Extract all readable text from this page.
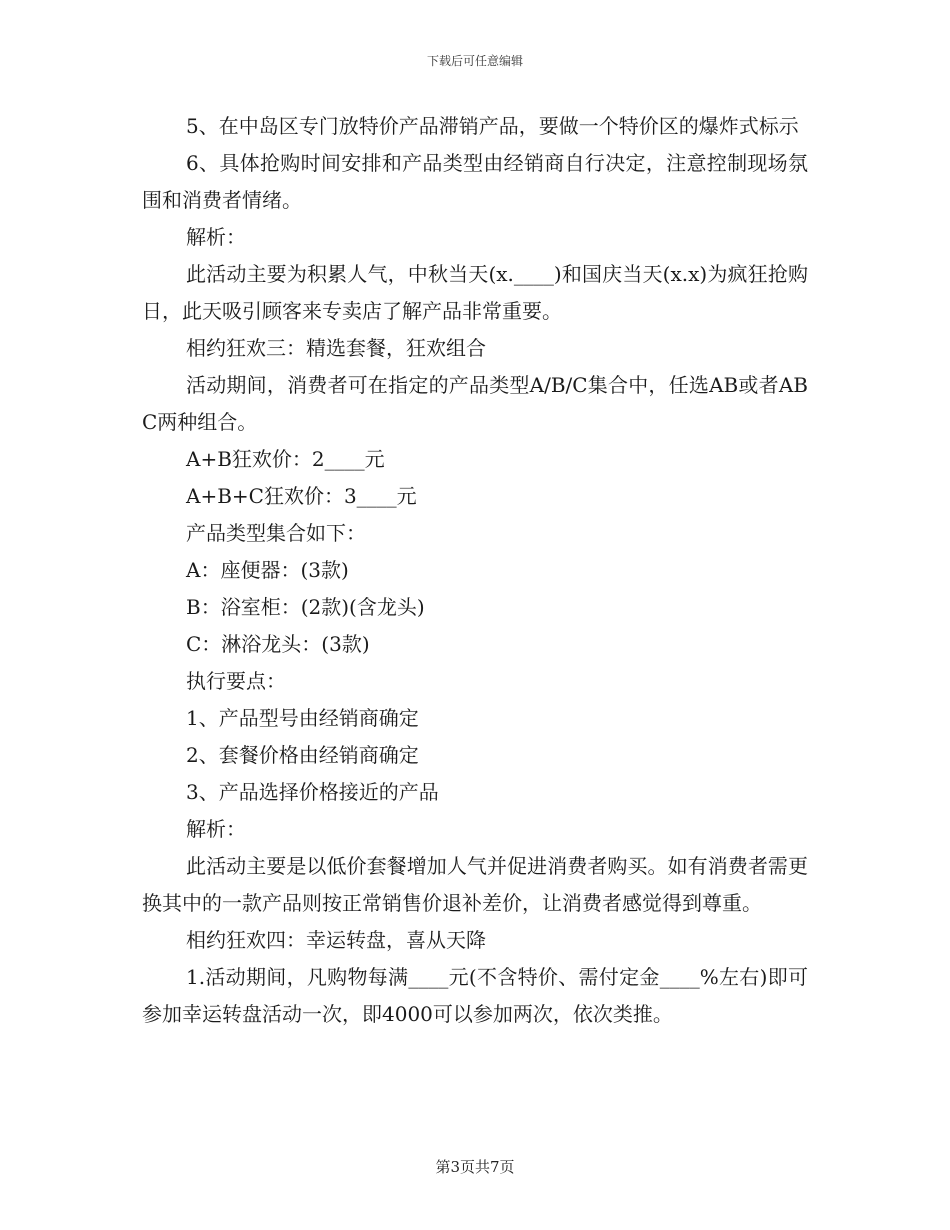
下载后可任意编辑

5、在中岛区专门放特价产品滞销产品，要做一个特价区的爆炸式标示

6、具体抢购时间安排和产品类型由经销商自行决定，注意控制现场氛围和消费者情绪。

解析：

此活动主要为积累人气，中秋当天(x.____)和国庆当天(x.x)为疯狂抢购日，此天吸引顾客来专卖店了解产品非常重要。

相约狂欢三：精选套餐，狂欢组合

活动期间，消费者可在指定的产品类型A/B/C集合中，任选AB或者ABC两种组合。

A+B狂欢价：2____元

A+B+C狂欢价：3____元

产品类型集合如下：

A：座便器：(3款)

B：浴室柜：(2款)(含龙头)

C：淋浴龙头：(3款)

执行要点：

1、产品型号由经销商确定

2、套餐价格由经销商确定

3、产品选择价格接近的产品

解析：

此活动主要是以低价套餐增加人气并促进消费者购买。如有消费者需更换其中的一款产品则按正常销售价退补差价，让消费者感觉得到尊重。

相约狂欢四：幸运转盘，喜从天降

1.活动期间，凡购物每满____元(不含特价、需付定金____%左右)即可参加幸运转盘活动一次，即4000可以参加两次，依次类推。

第3页共7页
